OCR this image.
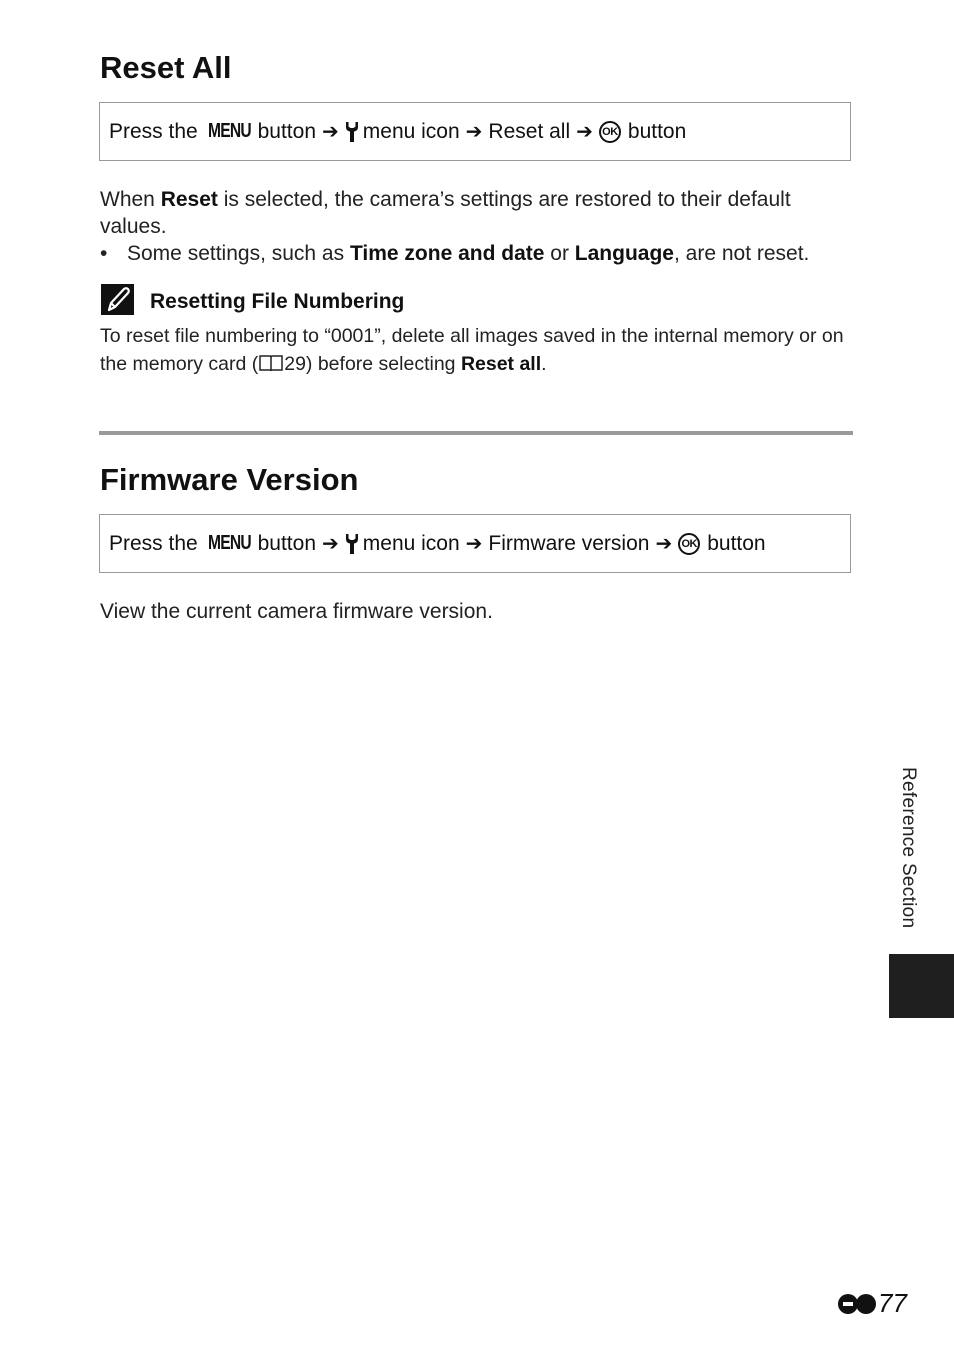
Reset All
Press the MENU button ➔ menu icon ➔ Reset all ➔ OK button
When Reset is selected, the camera’s settings are restored to their default values.
• Some settings, such as Time zone and date or Language, are not reset.
Resetting File Numbering
To reset file numbering to “0001”, delete all images saved in the internal memory or on the memory card ( 29) before selecting Reset all.
Firmware Version
Press the MENU button ➔ menu icon ➔ Firmware version ➔ OK button
View the current camera firmware version.
Reference Section
77
